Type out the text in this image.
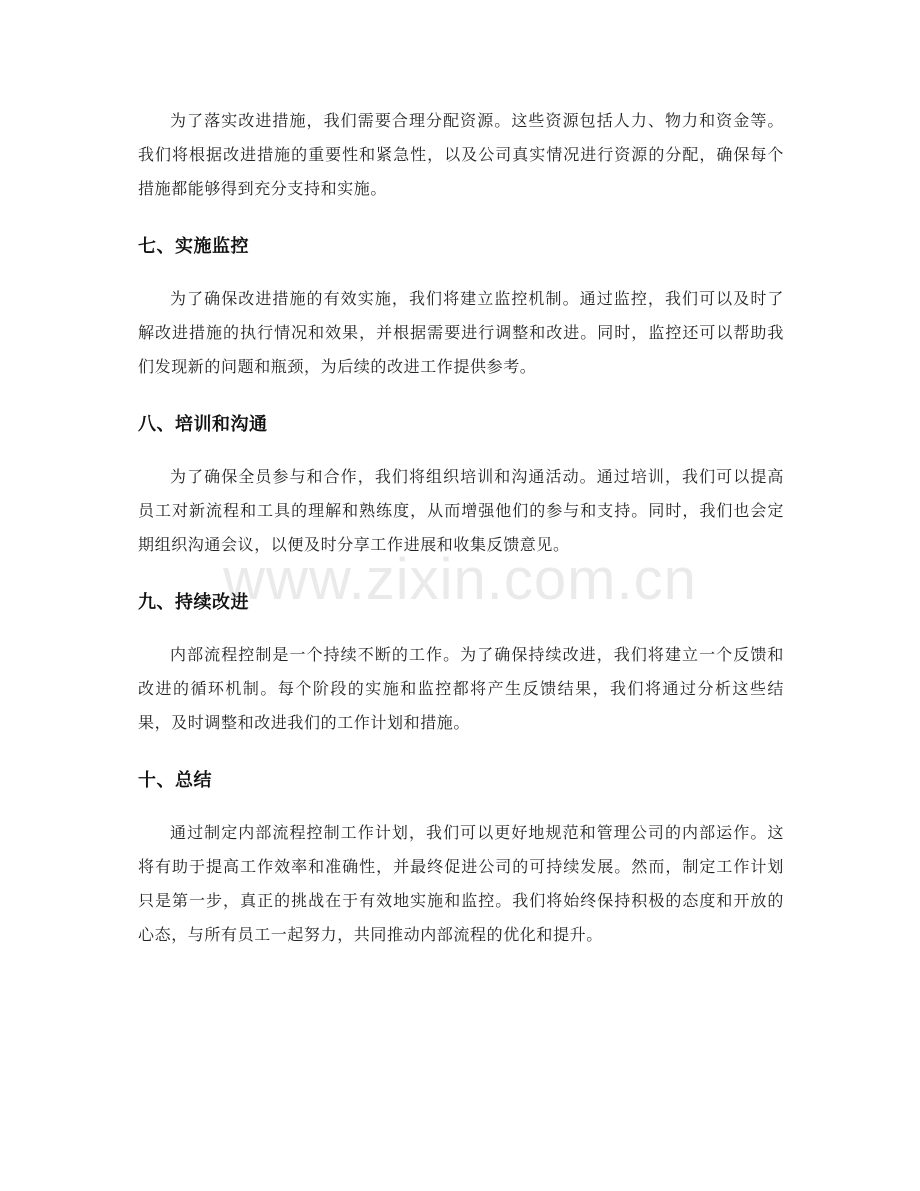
为了落实改进措施，我们需要合理分配资源。这些资源包括人力、物力和资金等。我们将根据改进措施的重要性和紧急性，以及公司真实情况进行资源的分配，确保每个措施都能够得到充分支持和实施。

七、实施监控

为了确保改进措施的有效实施，我们将建立监控机制。通过监控，我们可以及时了解改进措施的执行情况和效果，并根据需要进行调整和改进。同时，监控还可以帮助我们发现新的问题和瓶颈，为后续的改进工作提供参考。

八、培训和沟通

为了确保全员参与和合作，我们将组织培训和沟通活动。通过培训，我们可以提高员工对新流程和工具的理解和熟练度，从而增强他们的参与和支持。同时，我们也会定期组织沟通会议，以便及时分享工作进展和收集反馈意见。

九、持续改进

内部流程控制是一个持续不断的工作。为了确保持续改进，我们将建立一个反馈和改进的循环机制。每个阶段的实施和监控都将产生反馈结果，我们将通过分析这些结果，及时调整和改进我们的工作计划和措施。

十、总结

通过制定内部流程控制工作计划，我们可以更好地规范和管理公司的内部运作。这将有助于提高工作效率和准确性，并最终促进公司的可持续发展。然而，制定工作计划只是第一步，真正的挑战在于有效地实施和监控。我们将始终保持积极的态度和开放的心态，与所有员工一起努力，共同推动内部流程的优化和提升。

www.zixin.com.cn
